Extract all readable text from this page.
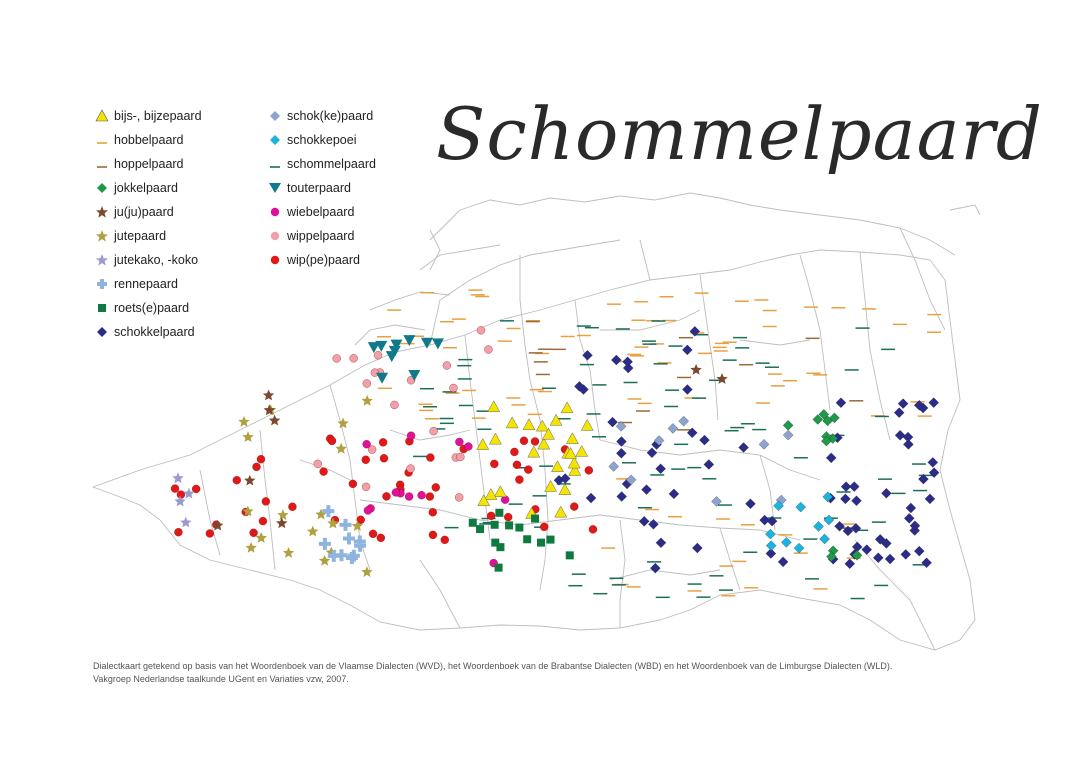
Schommelpaard
bijs-, bijzepaard
hobbelpaard
hoppelpaard
jokkelpaard
ju(ju)paard
jutepaard
jutekako, -koko
rennepaard
roets(e)paard
schokkelpaard
schok(ke)paard
schokkepoei
schommelpaard
touterpaard
wiebelpaard
wippelpaard
wip(pe)paard
Dialectkaart getekend op basis van het Woordenboek van de Vlaamse Dialecten (WVD), het Woordenboek van de Brabantse Dialecten (WBD) en het Woordenboek van de Limburgse Dialecten (WLD).
Vakgroep Nederlandse taalkunde UGent en Variaties vzw, 2007.
